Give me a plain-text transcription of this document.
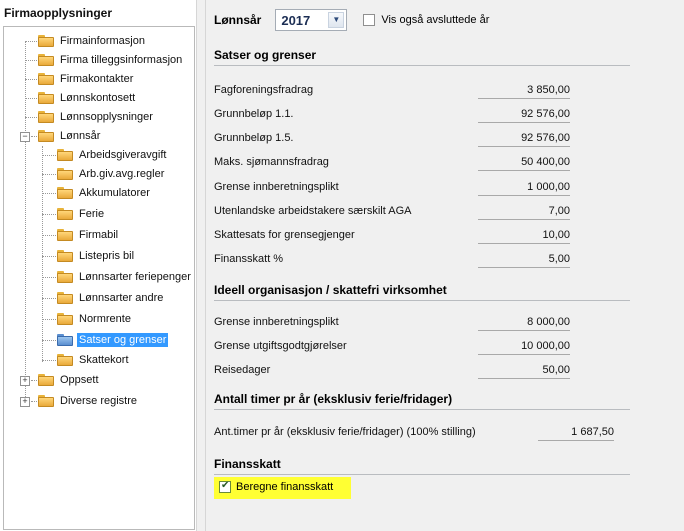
Firmaopplysninger
Firmainformasjon
Firma tilleggsinformasjon
Firmakontakter
Lønnskontosett
Lønnsopplysninger
−	Lønnsår
Arbeidsgiveravgift
Arb.giv.avg.regler
Akkumulatorer
Ferie
Firmabil
Listepris bil
Lønnsarter feriepenger
Lønnsarter andre
Normrente
Satser og grenser
Skattekort
+	Oppsett
+	Diverse registre
Lønnsår 2017	▼	Vis også avsluttede år
Satser og grenser
Fagforeningsfradrag	3 850,00
Grunnbeløp 1.1.	92 576,00
Grunnbeløp 1.5.	92 576,00
Maks. sjømannsfradrag	50 400,00
Grense innberetningsplikt	1 000,00
Utenlandske arbeidstakere særskilt AGA	7,00
Skattesats for grensegjenger	10,00
Finansskatt %	5,00
Ideell organisasjon / skattefri virksomhet
Grense innberetningsplikt	8 000,00
Grense utgiftsgodtgjørelser	10 000,00
Reisedager	50,00
Antall timer pr år (eksklusiv ferie/fridager)
Ant.timer pr år (eksklusiv ferie/fridager) (100% stilling)	1 687,50
Finansskatt
✔
Beregne finansskatt
